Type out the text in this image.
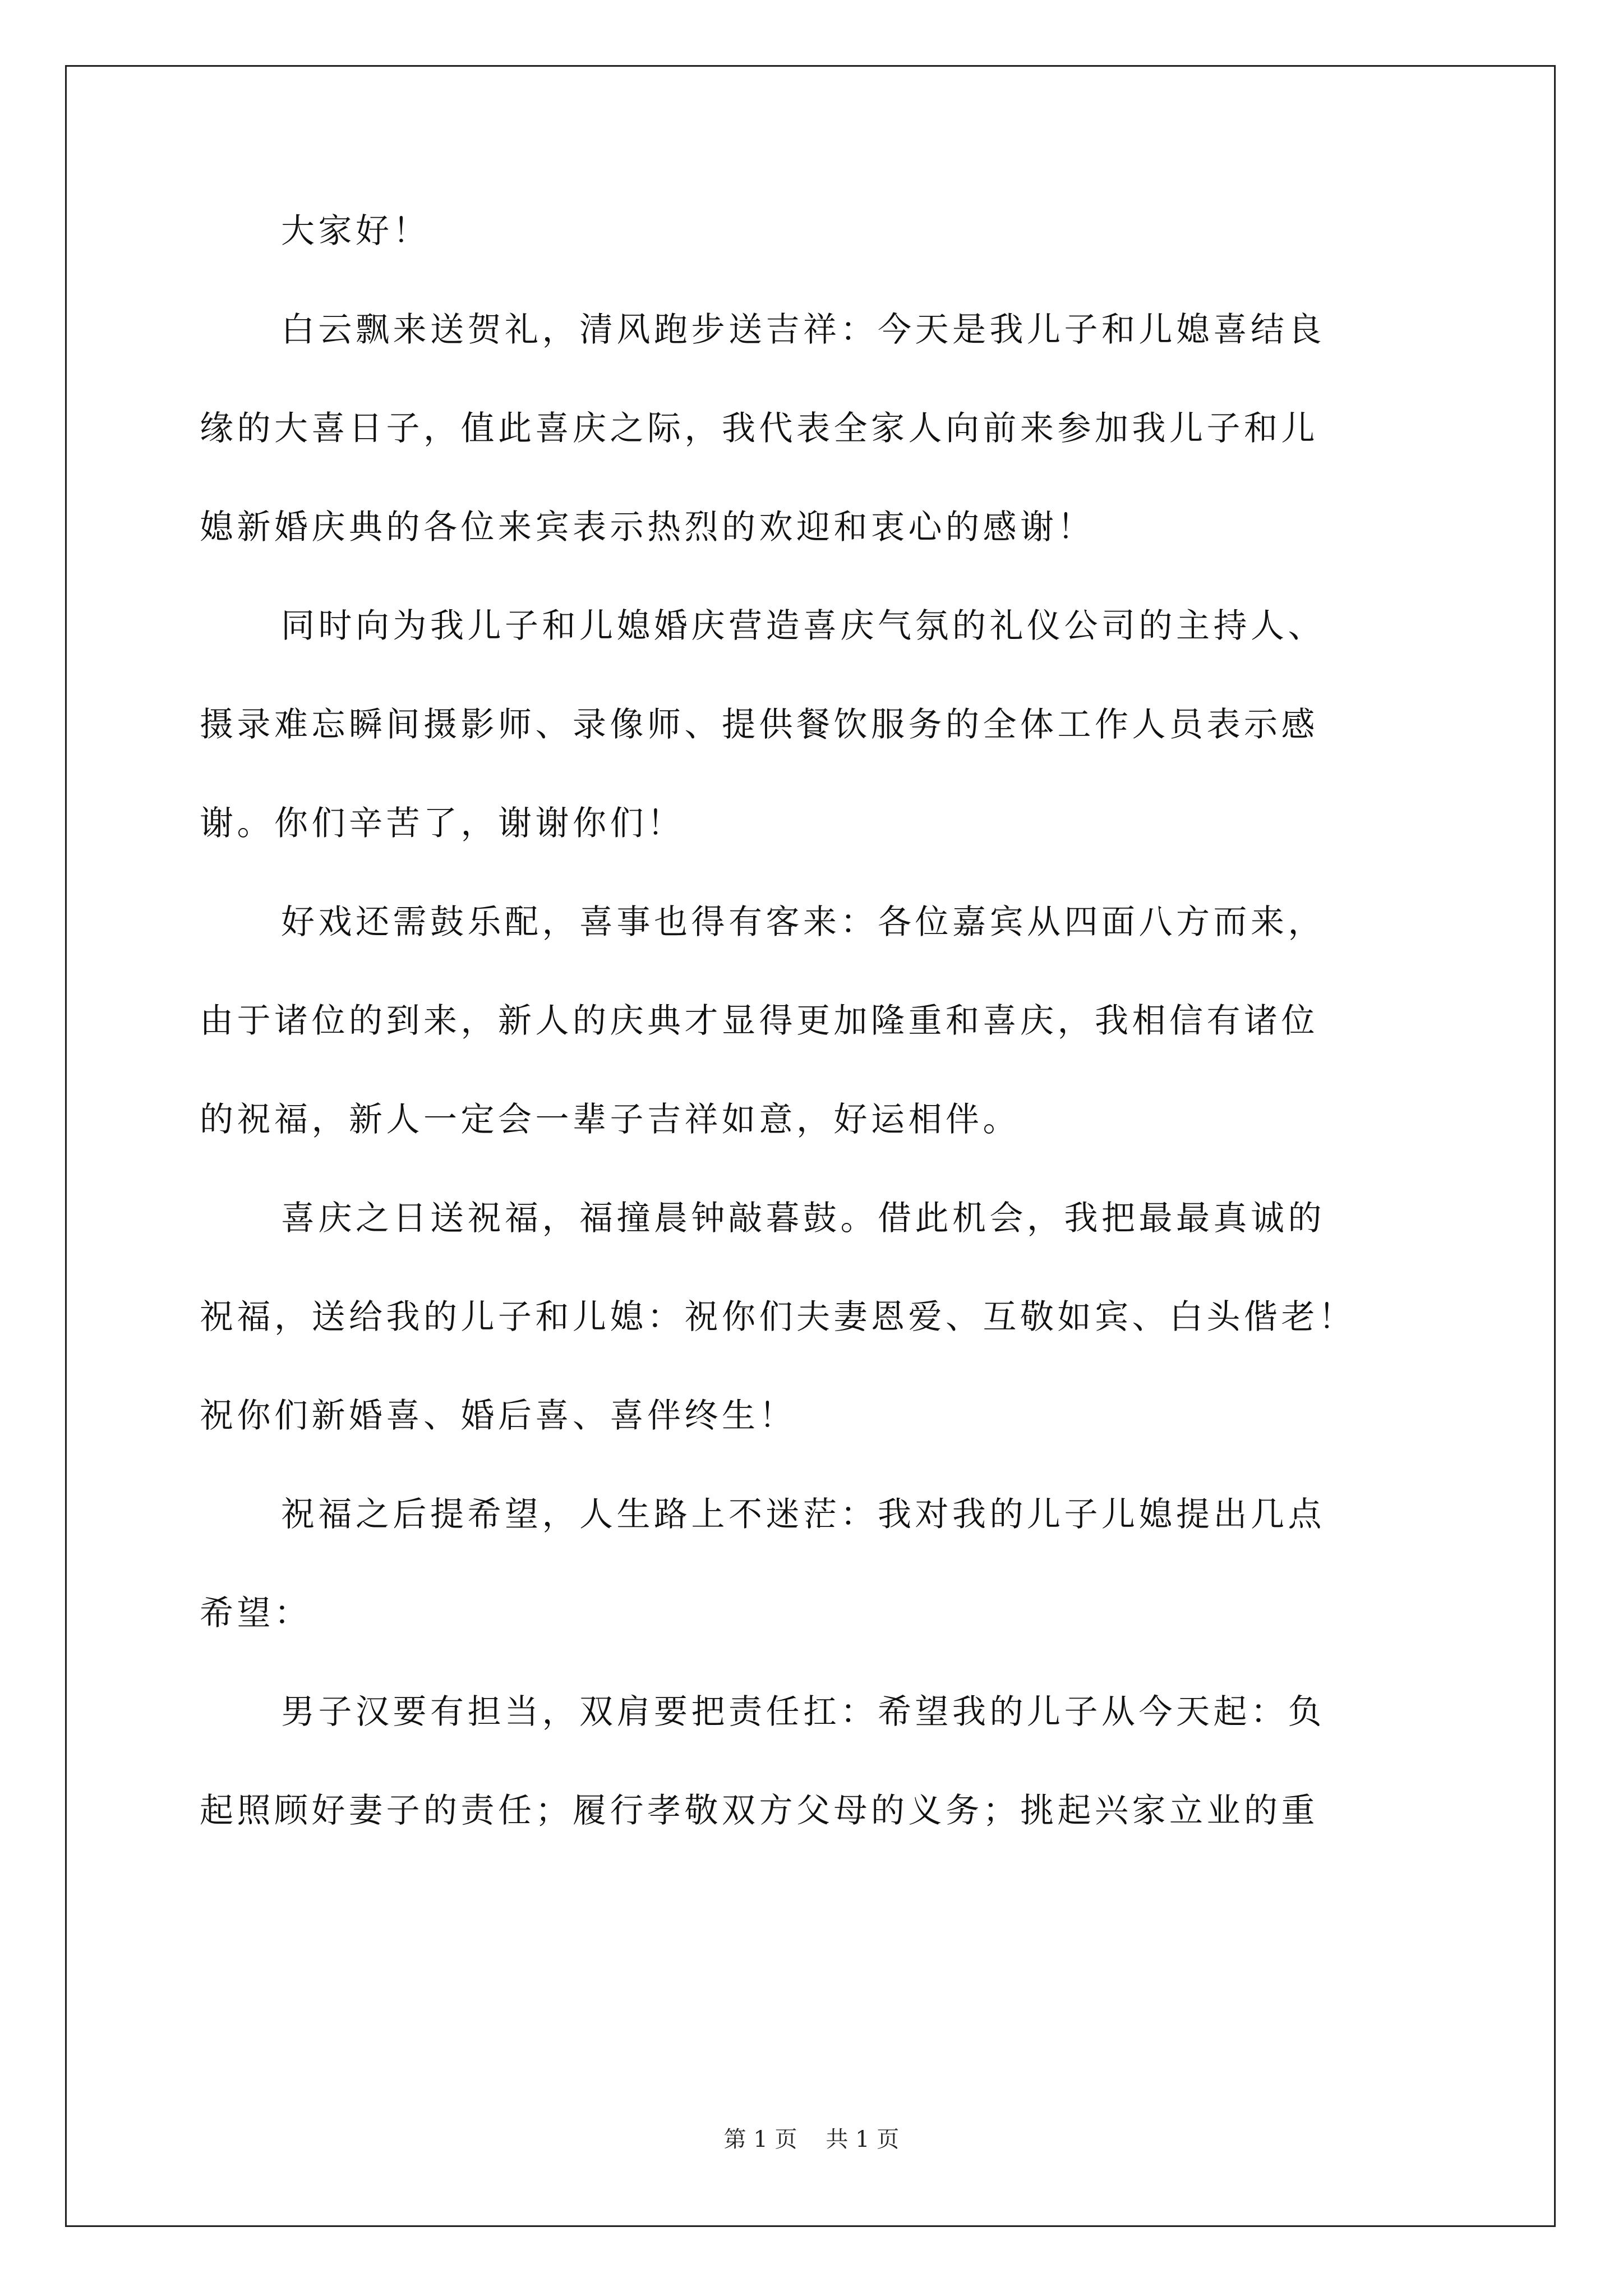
大家好！
白云飘来送贺礼，清风跑步送吉祥：今天是我儿子和儿媳喜结良
缘的大喜日子，值此喜庆之际，我代表全家人向前来参加我儿子和儿
媳新婚庆典的各位来宾表示热烈的欢迎和衷心的感谢！
同时向为我儿子和儿媳婚庆营造喜庆气氛的礼仪公司的主持人、
摄录难忘瞬间摄影师、录像师、提供餐饮服务的全体工作人员表示感
谢。你们辛苦了，谢谢你们！
好戏还需鼓乐配，喜事也得有客来：各位嘉宾从四面八方而来，
由于诸位的到来，新人的庆典才显得更加隆重和喜庆，我相信有诸位
的祝福，新人一定会一辈子吉祥如意，好运相伴。
喜庆之日送祝福，福撞晨钟敲暮鼓。借此机会，我把最最真诚的
祝福，送给我的儿子和儿媳：祝你们夫妻恩爱、互敬如宾、白头偕老！
祝你们新婚喜、婚后喜、喜伴终生！
祝福之后提希望，人生路上不迷茫：我对我的儿子儿媳提出几点
希望：
男子汉要有担当，双肩要把责任扛：希望我的儿子从今天起：负
起照顾好妻子的责任；履行孝敬双方父母的义务；挑起兴家立业的重
第 1 页 共 1 页
